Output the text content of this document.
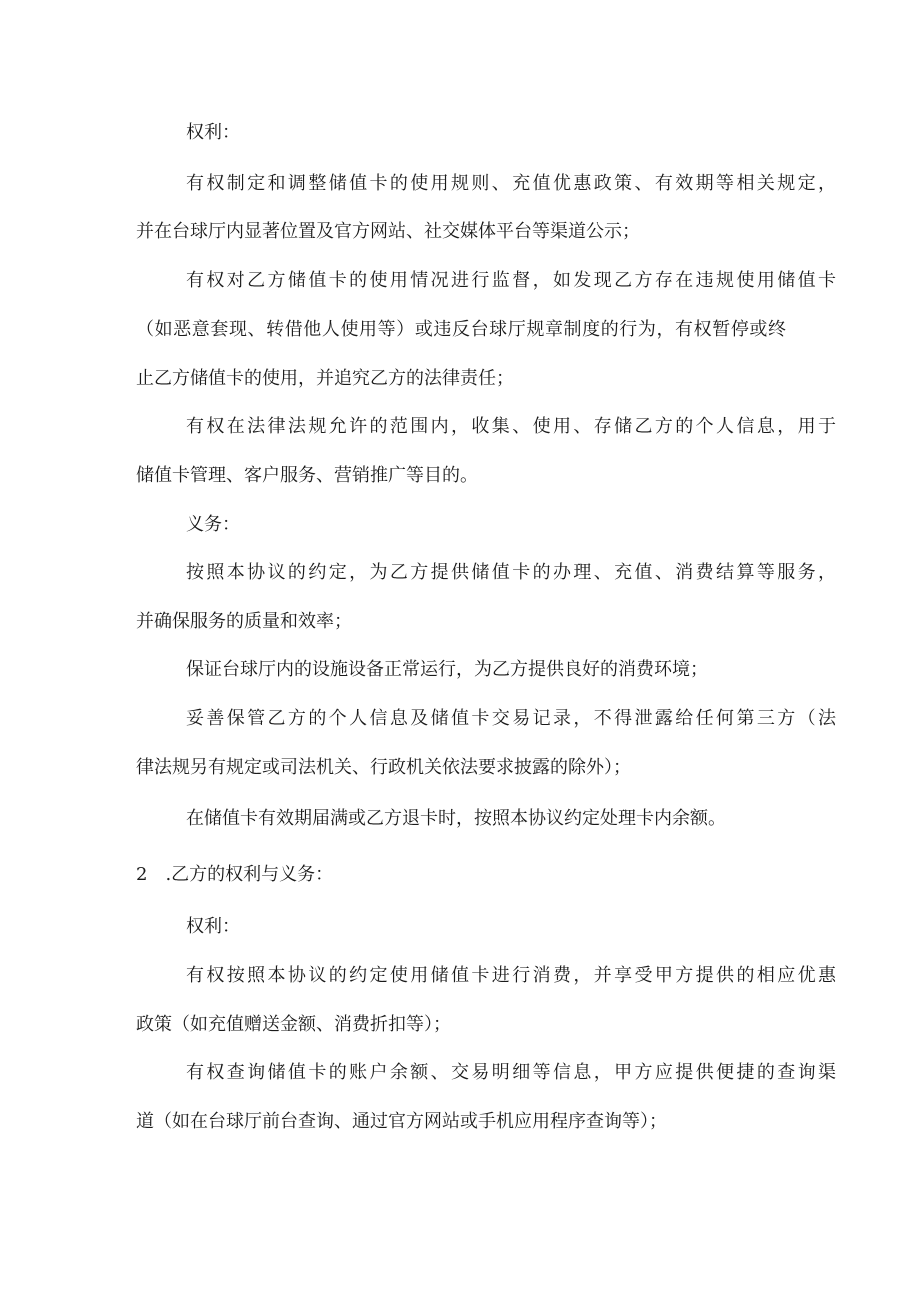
权利：
有权制定和调整储值卡的使用规则、充值优惠政策、有效期等相关规定，
并在台球厅内显著位置及官方网站、社交媒体平台等渠道公示；
有权对乙方储值卡的使用情况进行监督，如发现乙方存在违规使用储值卡
（如恶意套现、转借他人使用等）或违反台球厅规章制度的行为，有权暂停或终
止乙方储值卡的使用，并追究乙方的法律责任；
有权在法律法规允许的范围内，收集、使用、存储乙方的个人信息，用于
储值卡管理、客户服务、营销推广等目的。
义务：
按照本协议的约定，为乙方提供储值卡的办理、充值、消费结算等服务，
并确保服务的质量和效率；
保证台球厅内的设施设备正常运行，为乙方提供良好的消费环境；
妥善保管乙方的个人信息及储值卡交易记录，不得泄露给任何第三方（法
律法规另有规定或司法机关、行政机关依法要求披露的除外）；
在储值卡有效期届满或乙方退卡时，按照本协议约定处理卡内余额。
2　.乙方的权利与义务：
权利：
有权按照本协议的约定使用储值卡进行消费，并享受甲方提供的相应优惠
政策（如充值赠送金额、消费折扣等）；
有权查询储值卡的账户余额、交易明细等信息，甲方应提供便捷的查询渠
道（如在台球厅前台查询、通过官方网站或手机应用程序查询等）；
